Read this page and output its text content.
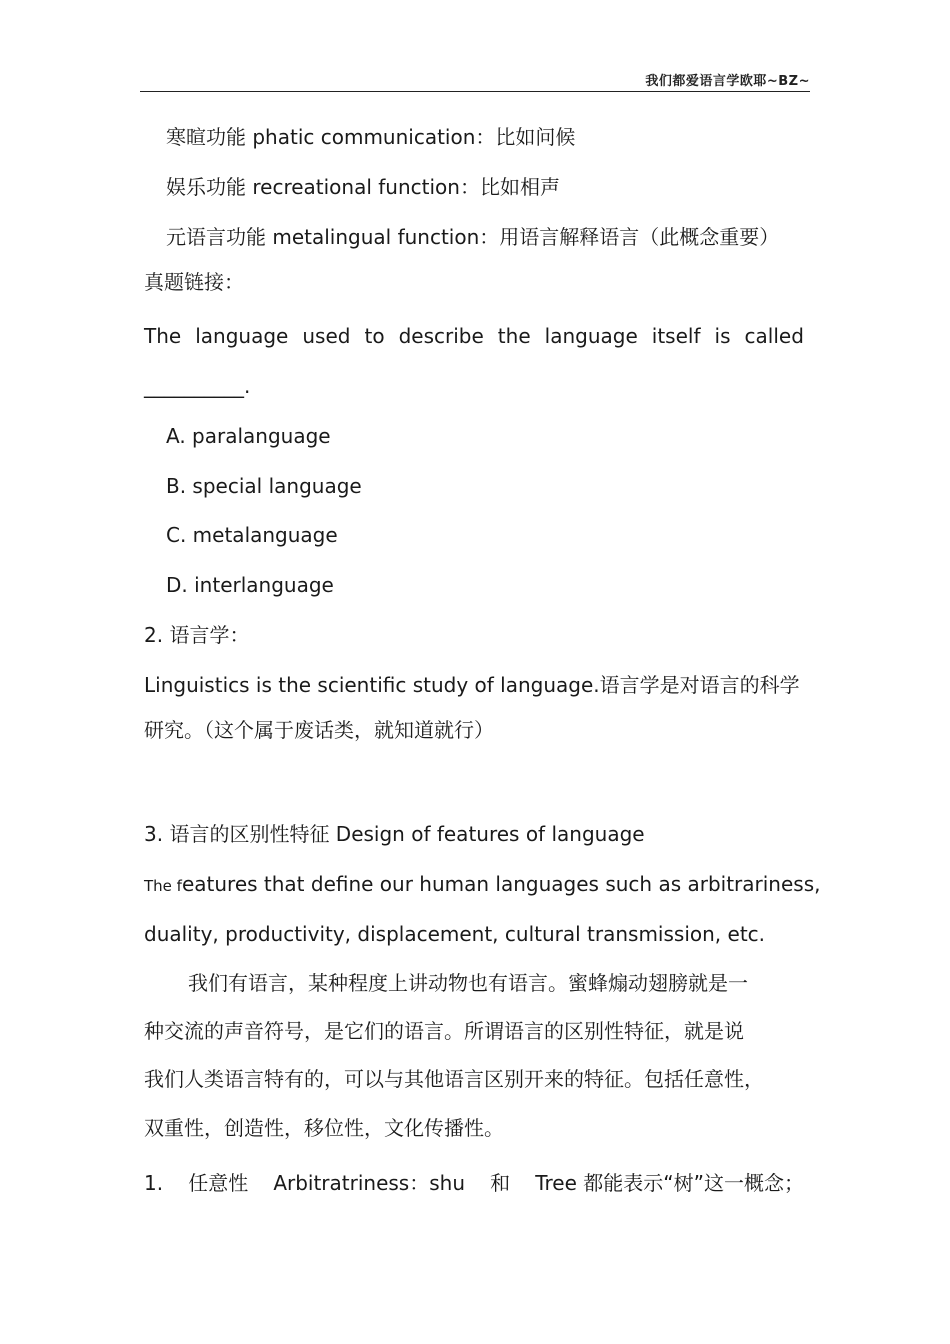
我们都爱语言学欧耶~BZ~
寒暄功能 phatic communication：比如问候
娱乐功能 recreational function：比如相声
元语言功能 metalingual function：用语言解释语言（此概念重要）
真题链接：
The language used to describe the language itself is called
__________.
A. paralanguage
B. special language
C. metalanguage
D. interlanguage
2. 语言学：
Linguistics is the scientific study of language.语言学是对语言的科学
研究。（这个属于废话类，就知道就行）
3. 语言的区别性特征 Design of features of language
The features that define our human languages such as arbitrariness,
duality, productivity, displacement, cultural transmission, etc.
我们有语言，某种程度上讲动物也有语言。蜜蜂煽动翅膀就是一
种交流的声音符号，是它们的语言。所谓语言的区别性特征，就是说
我们人类语言特有的，可以与其他语言区别开来的特征。包括任意性，
双重性，创造性，移位性，文化传播性。
1. 任意性 Arbitratriness：shu 和 Tree 都能表示“树”这一概念；
